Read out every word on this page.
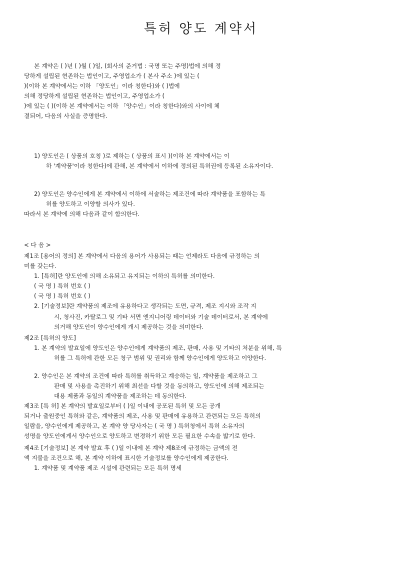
특허 양도 계약서
본 계약은 ( )년 ( )월 ( )일, (회사의 준거법 : 국명 또는 주명)법에 의해 정
당하게 설립된 현존하는 법인이고, 주영업소가 ( 본사 주소 )에 있는 (
)(이하 본 계약에서는 이하 「양도인」이라 칭한다)와 ( )법에
의해 정당하게 설립된 현존하는 법인이고, 주영업소가 (
)에 있는 ( )(이하 본 계약에서는 이하 「양수인」이라 칭한다)와의 사이에 체
결되어, 다음의 사실을 증명한다.
1) 양도인은 ( 상품의 호칭 )로 제하는 ( 상품의 표시 )(이하 본 계약에서는 이
하 '계약품'이라 칭한다)에 관해, 본 계약에서 이하에 정의된 특허권에 등록된 소유자이다.
2) 양도인은 양수인에게 본 계약에서 이하에 서술하는 제조건에 따라 계약품을 포함하는 특
허를 양도하고 이양할 의사가 있다.
따라서 본 계약에 의해 다음과 같이 합의한다.
< 다 음 >
제1조 [용어의 정의] 본 계약에서 다음의 용어가 사용되는 때는 언제라도 다음에 규정하는 의
미를 갖는다.
1. [특허]란 양도인에 의해 소유되고 유지되는 이하의 특허를 의미한다.
( 국 명 ) 특허 번호 ( )
( 국 명 ) 특허 번호 ( )
2. [기술정보]란 계약품의 제조에 유용하다고 생각되는 도면, 규격, 제조 지시와 조작 지
시, 청사진, 카탈로그 및 기타 서면 엔지니어링 데이터와 기술 데이터로서, 본 계약에
의거해 양도인이 양수인에게 개시 제공하는 것을 의미한다.
제2조 [특허의 양도]
1. 본 계약의 발효일에 양도인은 양수인에게 계약품의 제조, 판매, 사용 및 기타의 처분을 위해, 특
허를 그 특허에 관한 모든 청구 범위 및 권리와 함께 양수인에게 양도하고 이양한다.
2. 양수인은 본 계약의 조건에 따라 특허를 취득하고 계승하는 일, 계약품을 제조하고 그
판매 및 사용을 촉진하기 위해 최선을 다할 것을 동의하고, 양도인에 의해 제조되는
대용 제품과 동일의 계약품을 제조하는 데 동의한다.
제3조 [특 허] 본 계약의 발효일로부터 ( )일 이내에 공포된 특허 및 모든 공개
되거나 출원중인 특허와 같은, 계약품의 제조, 사용 및 판매에 유용하고 관련되는 모든 특허의
일람을, 양수인에게 제공하고, 본 계약 양 당사자는 ( 국 명 ) 특허청에서 특허 소유자의
성명을 양도인에게서 양수인으로 양도하고 변경하기 위한 모든 필요한 수속을 밟기로 한다.
제4조 [기술정보] 본 계약 발효 후 ( )일 이내에 본 계약 제8조에 규정하는 금액의 전
액 지불을 조건으로 해, 본 계약 이하에 표시한 기술정보를 양수인에게 제공한다.
1. 계약품 및 계약품 제조 시설에 관련되는 모든 특허 명세
